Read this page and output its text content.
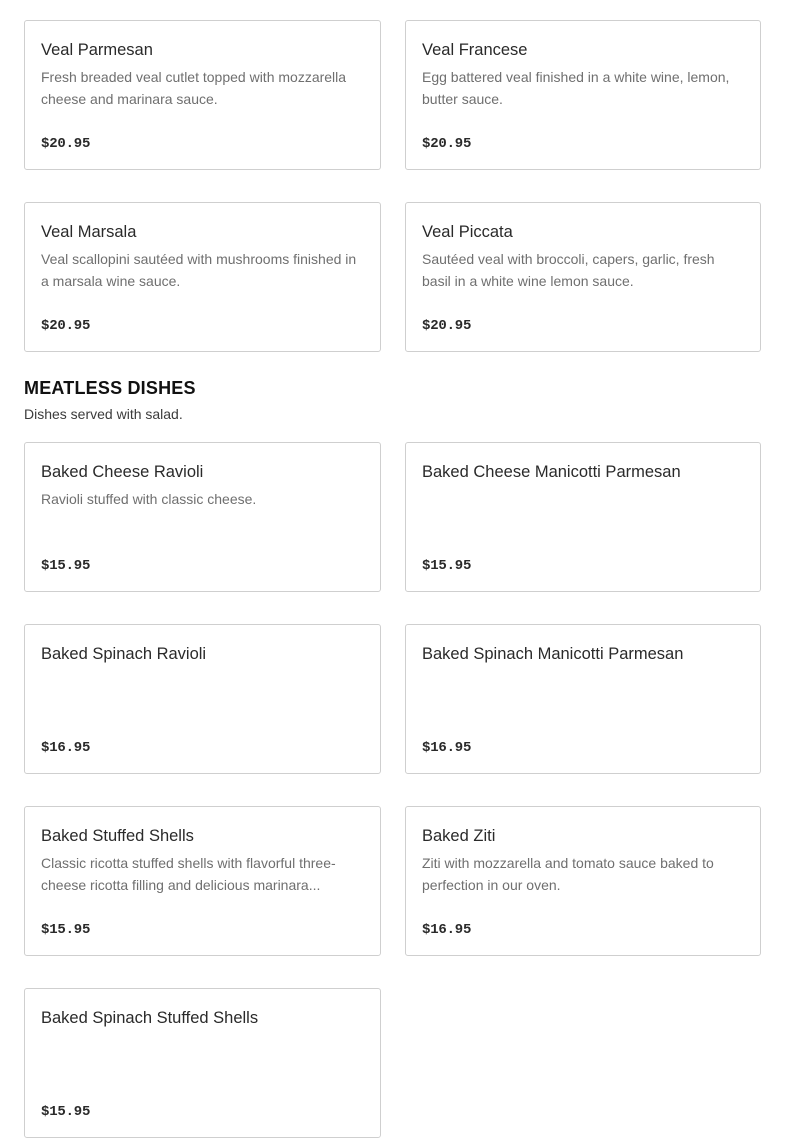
Veal Parmesan
Fresh breaded veal cutlet topped with mozzarella cheese and marinara sauce.
$20.95
Veal Francese
Egg battered veal finished in a white wine, lemon, butter sauce.
$20.95
Veal Marsala
Veal scallopini sautéed with mushrooms finished in a marsala wine sauce.
$20.95
Veal Piccata
Sautéed veal with broccoli, capers, garlic, fresh basil in a white wine lemon sauce.
$20.95
MEATLESS DISHES
Dishes served with salad.
Baked Cheese Ravioli
Ravioli stuffed with classic cheese.
$15.95
Baked Cheese Manicotti Parmesan
$15.95
Baked Spinach Ravioli
$16.95
Baked Spinach Manicotti Parmesan
$16.95
Baked Stuffed Shells
Classic ricotta stuffed shells with flavorful three-cheese ricotta filling and delicious marinara...
$15.95
Baked Ziti
Ziti with mozzarella and tomato sauce baked to perfection in our oven.
$16.95
Baked Spinach Stuffed Shells
$15.95
